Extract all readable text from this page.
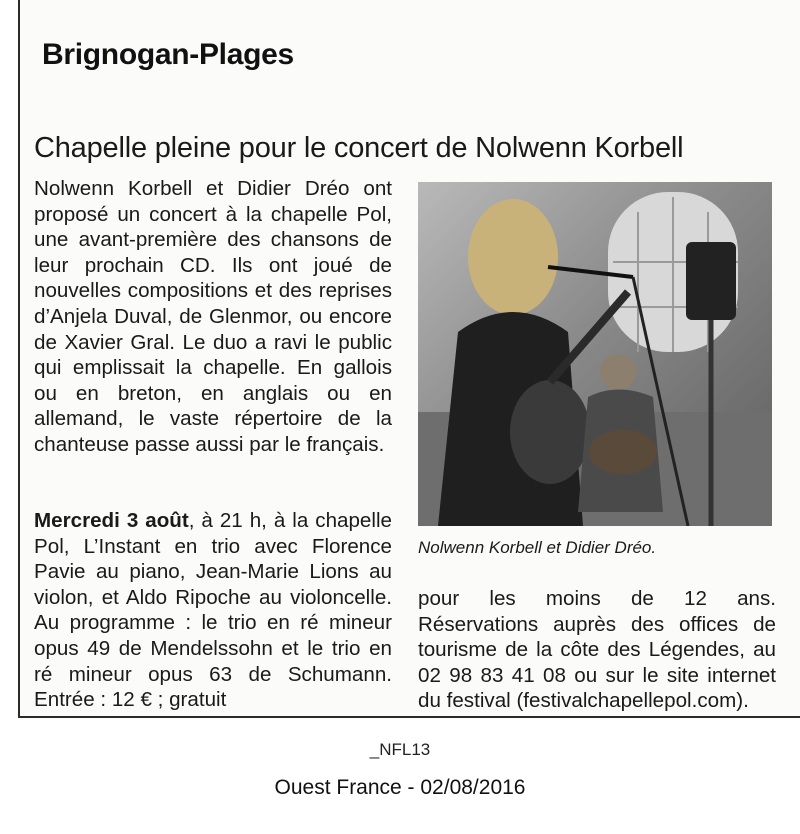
Brignogan-Plages
Chapelle pleine pour le concert de Nolwenn Korbell

Nolwenn Korbell et Didier Dréo ont proposé un concert à la chapelle Pol, une avant-première des chansons de leur prochain CD. Ils ont joué de nouvelles compositions et des reprises d’Anjela Duval, de Glenmor, ou encore de Xavier Gral. Le duo a ravi le public qui emplissait la chapelle. En gallois ou en breton, en anglais ou en allemand, le vaste répertoire de la chanteuse passe aussi par le français.

Mercredi 3 août, à 21 h, à la chapelle Pol, L’Instant en trio avec Florence Pavie au piano, Jean-Marie Lions au violon, et Aldo Ripoche au violoncelle. Au programme : le trio en ré mineur opus 49 de Mendelssohn et le trio en ré mineur opus 63 de Schumann. Entrée : 12 € ; gratuit

pour les moins de 12 ans. Réservations auprès des offices de tourisme de la côte des Légendes, au 02 98 83 41 08 ou sur le site internet du festival (festivalchapellepol.com).

Nolwenn Korbell et Didier Dréo.
_NFL13
Ouest France - 02/08/2016
